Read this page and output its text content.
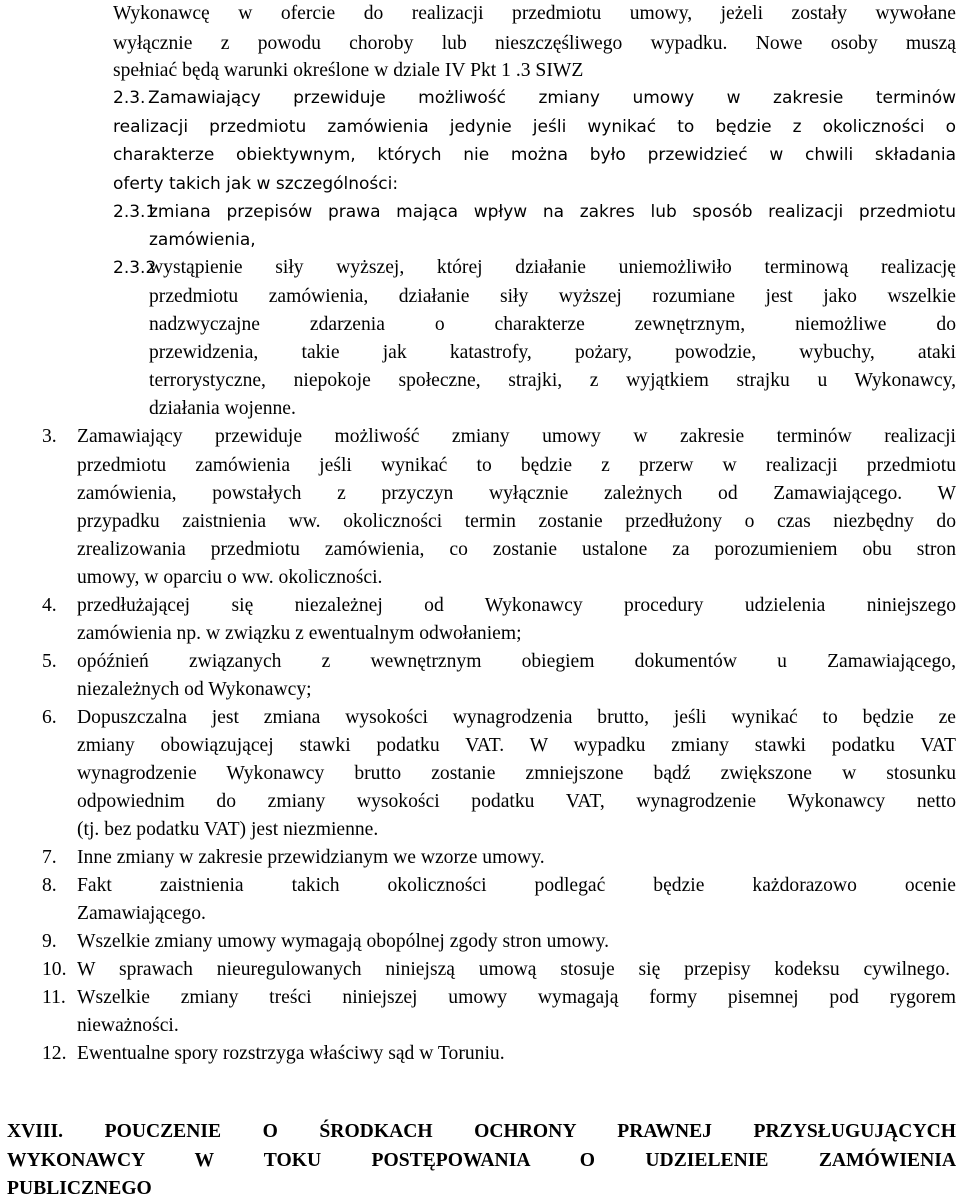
Wykonawcę w ofercie do realizacji przedmiotu umowy, jeżeli zostały wywołane
wyłącznie z powodu choroby lub nieszczęśliwego wypadku. Nowe osoby muszą
spełniać będą warunki określone w dziale IV Pkt 1 .3 SIWZ
2.3. Zamawiający przewiduje możliwość zmiany umowy w zakresie terminów
realizacji przedmiotu zamówienia jedynie jeśli wynikać to będzie z okoliczności o
charakterze obiektywnym, których nie można było przewidzieć w chwili składania
oferty takich jak w szczególności:
2.3.1
zmiana przepisów prawa mająca wpływ na zakres lub sposób realizacji przedmiotu
zamówienia,
2.3.2
wystąpienie siły wyższej, której działanie uniemożliwiło terminową realizację
przedmiotu zamówienia, działanie siły wyższej rozumiane jest jako wszelkie
nadzwyczajne zdarzenia o charakterze zewnętrznym, niemożliwe do
przewidzenia, takie jak katastrofy, pożary, powodzie, wybuchy, ataki
terrorystyczne, niepokoje społeczne, strajki, z wyjątkiem strajku u Wykonawcy,
działania wojenne.
3. Zamawiający przewiduje możliwość zmiany umowy w zakresie terminów realizacji
przedmiotu zamówienia jeśli wynikać to będzie z przerw w realizacji przedmiotu
zamówienia, powstałych z przyczyn wyłącznie zależnych od Zamawiającego. W
przypadku zaistnienia ww. okoliczności termin zostanie przedłużony o czas niezbędny do
zrealizowania przedmiotu zamówienia, co zostanie ustalone za porozumieniem obu stron
umowy, w oparciu o ww. okoliczności.
4. przedłużającej się niezależnej od Wykonawcy procedury udzielenia niniejszego
zamówienia np. w związku z ewentualnym odwołaniem;
5. opóźnień związanych z wewnętrznym obiegiem dokumentów u Zamawiającego,
niezależnych od Wykonawcy;
6. Dopuszczalna jest zmiana wysokości wynagrodzenia brutto, jeśli wynikać to będzie ze
zmiany obowiązującej stawki podatku VAT. W wypadku zmiany stawki podatku VAT
wynagrodzenie Wykonawcy brutto zostanie zmniejszone bądź zwiększone w stosunku
odpowiednim do zmiany wysokości podatku VAT, wynagrodzenie Wykonawcy netto
(tj. bez podatku VAT) jest niezmienne.
7. Inne zmiany w zakresie przewidzianym we wzorze umowy.
8. Fakt zaistnienia takich okoliczności podlegać będzie każdorazowo ocenie
Zamawiającego.
9. Wszelkie zmiany umowy wymagają obopólnej zgody stron umowy.
10. W sprawach nieuregulowanych niniejszą umową stosuje się przepisy kodeksu cywilnego.
11. Wszelkie zmiany treści niniejszej umowy wymagają formy pisemnej pod rygorem
nieważności.
12. Ewentualne spory rozstrzyga właściwy sąd w Toruniu.
XVIII. POUCZENIE O ŚRODKACH OCHRONY PRAWNEJ PRZYSŁUGUJĄCYCH
WYKONAWCY W TOKU POSTĘPOWANIA O UDZIELENIE ZAMÓWIENIA
PUBLICZNEGO
